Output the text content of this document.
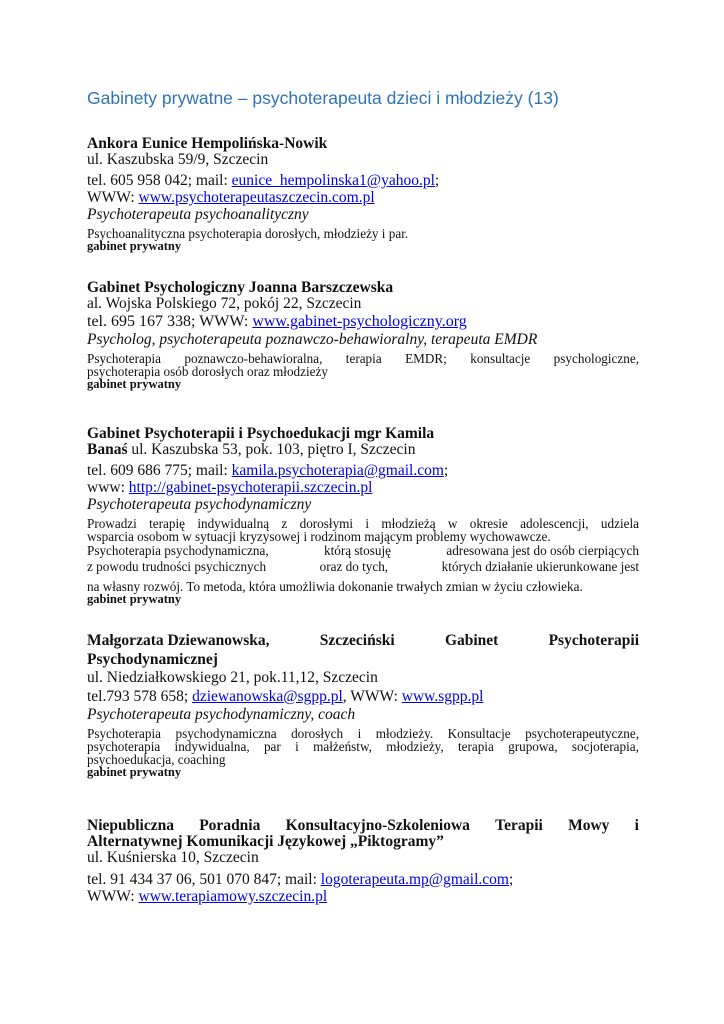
Gabinety prywatne – psychoterapeuta dzieci i młodzieży (13)
Ankora Eunice Hempolińska-Nowik
ul. Kaszubska 59/9, Szczecin
tel. 605 958 042; mail: eunice_hempolinska1@yahoo.pl;
WWW: www.psychoterapeutaszczecin.com.pl
Psychoterapeuta psychoanalityczny
Psychoanalityczna psychoterapia dorosłych, młodzieży i par.
gabinet prywatny
Gabinet Psychologiczny Joanna Barszczewska
al. Wojska Polskiego 72, pokój 22, Szczecin
tel. 695 167 338; WWW: www.gabinet-psychologiczny.org
Psycholog, psychoterapeuta poznawczo-behawioralny, terapeuta EMDR
Psychoterapia poznawczo-behawioralna, terapia EMDR; konsultacje psychologiczne,
psychoterapia osób dorosłych oraz młodzieży
gabinet prywatny
Gabinet Psychoterapii i Psychoedukacji mgr Kamila
Banaś ul. Kaszubska 53, pok. 103, piętro I, Szczecin
tel. 609 686 775; mail: kamila.psychoterapia@gmail.com;
www: http://gabinet-psychoterapii.szczecin.pl
Psychoterapeuta psychodynamiczny
Prowadzi terapię indywidualną z dorosłymi i młodzieżą w okresie adolescencji, udziela
wsparcia osobom w sytuacji kryzysowej i rodzinom mającym problemy wychowawcze.
Psychoterapia psychodynamiczna,	którą stosuję	adresowana jest do osób cierpiących
z powodu trudności psychicznych	oraz do tych,	których działanie ukierunkowane jest
na własny rozwój. To metoda, która umożliwia dokonanie trwałych zmian w życiu człowieka.
gabinet prywatny
Małgorzata Dziewanowska,	Szczeciński	Gabinet	Psychoterapii
Psychodynamicznej
ul. Niedziałkowskiego 21, pok.11,12, Szczecin
tel.793 578 658; dziewanowska@sgpp.pl, WWW: www.sgpp.pl
Psychoterapeuta psychodynamiczny, coach
Psychoterapia psychodynamiczna dorosłych i młodzieży. Konsultacje psychoterapeutyczne,
psychoterapia indywidualna, par i małżeństw, młodzieży, terapia grupowa, socjoterapia,
psychoedukacja, coaching
gabinet prywatny
Niepubliczna Poradnia Konsultacyjno-Szkoleniowa Terapii Mowy i
Alternatywnej Komunikacji Językowej „Piktogramy”
ul. Kuśnierska 10, Szczecin
tel. 91 434 37 06, 501 070 847; mail: logoterapeuta.mp@gmail.com;
WWW: www.terapiamowy.szczecin.pl
